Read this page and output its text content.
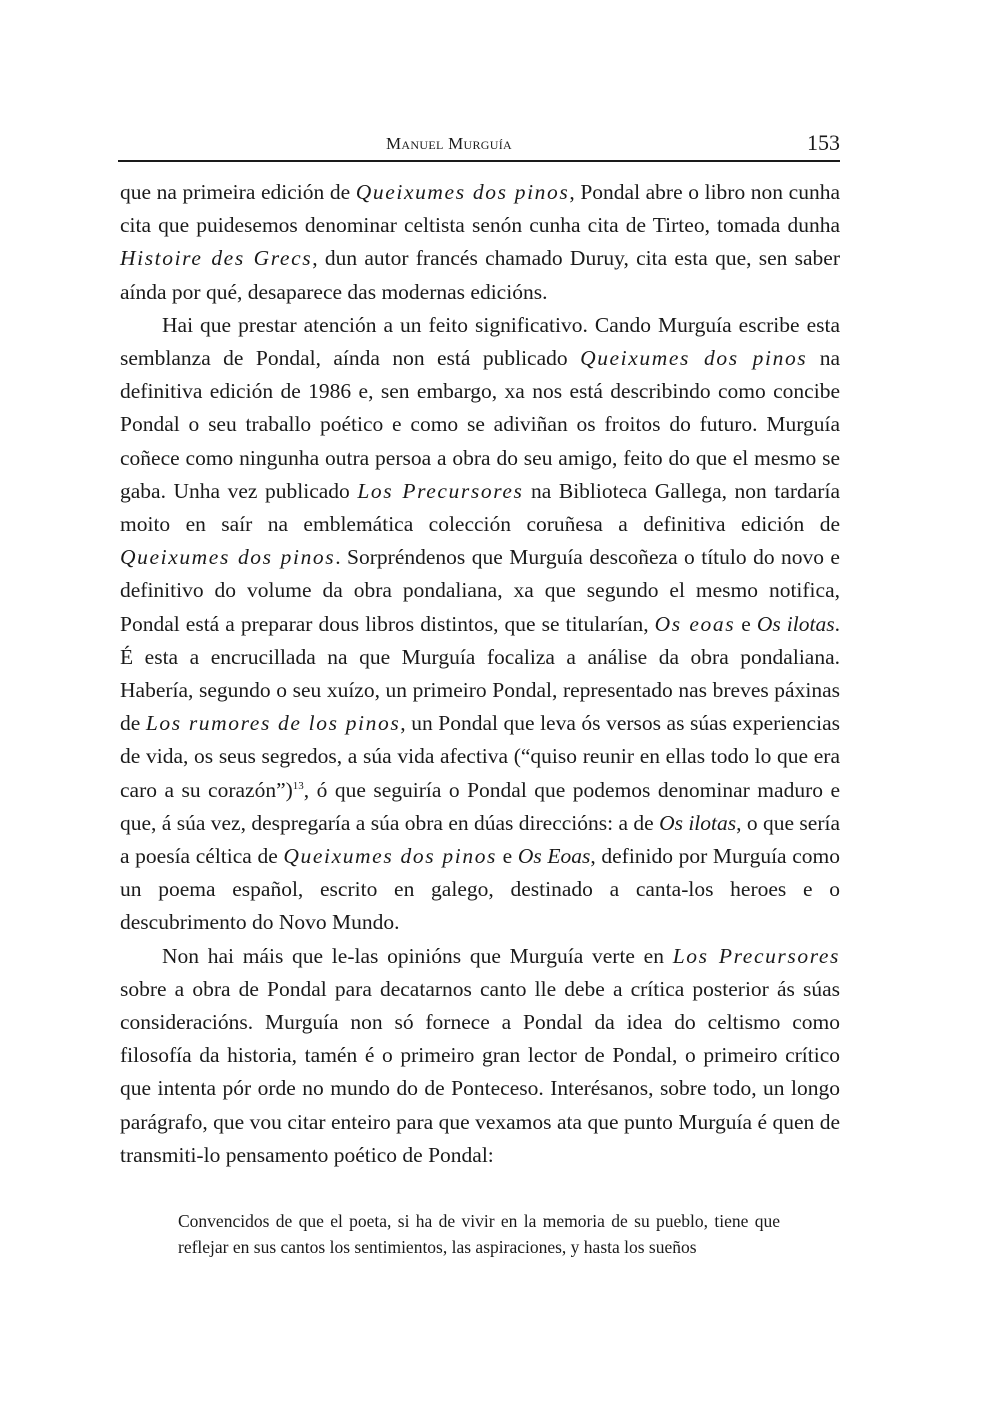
Manuel Murguía	153

que na primeira edición de Queixumes dos pinos, Pondal abre o libro non cunha cita que puidesemos denominar celtista senón cunha cita de Tirteo, tomada dunha Histoire des Grecs, dun autor francés chamado Duruy, cita esta que, sen saber aínda por qué, desaparece das modernas edicións.

Hai que prestar atención a un feito significativo. Cando Murguía escribe esta semblanza de Pondal, aínda non está publicado Queixumes dos pinos na definitiva edición de 1986 e, sen embargo, xa nos está describindo como concibe Pondal o seu traballo poético e como se adiviñan os froitos do futuro. Murguía coñece como ningunha outra persoa a obra do seu amigo, feito do que el mesmo se gaba. Unha vez publicado Los Precursores na Biblioteca Gallega, non tardaría moito en saír na emblemática colección coruñesa a definitiva edición de Queixumes dos pinos. Sorpréndenos que Murguía descoñeza o título do novo e definitivo do volume da obra pondaliana, xa que segundo el mesmo notifica, Pondal está a preparar dous libros distintos, que se titularían, Os eoas e Os ilotas. É esta a encrucillada na que Murguía focaliza a análise da obra pondaliana. Habería, segundo o seu xuízo, un primeiro Pondal, representado nas breves páxinas de Los rumores de los pinos, un Pondal que leva ós versos as súas experiencias de vida, os seus segredos, a súa vida afectiva (“quiso reunir en ellas todo lo que era caro a su corazón”)$^{13}$, ó que seguiría o Pondal que podemos denominar maduro e que, á súa vez, despregaría a súa obra en dúas direccións: a de Os ilotas, o que sería a poesía céltica de Queixumes dos pinos e Os Eoas, definido por Murguía como un poema español, escrito en galego, destinado a canta-los heroes e o descubrimento do Novo Mundo.

Non hai máis que le-las opinións que Murguía verte en Los Precursores sobre a obra de Pondal para decatarnos canto lle debe a crítica posterior ás súas consideracións. Murguía non só fornece a Pondal da idea do celtismo como filosofía da historia, tamén é o primeiro gran lector de Pondal, o primeiro crítico que intenta pór orde no mundo do de Ponteceso. Interésanos, sobre todo, un longo parágrafo, que vou citar enteiro para que vexamos ata que punto Murguía é quen de transmiti-lo pensamento poético de Pondal:

Convencidos de que el poeta, si ha de vivir en la memoria de su pueblo, tiene que reflejar en sus cantos los sentimientos, las aspiraciones, y hasta los sueños
